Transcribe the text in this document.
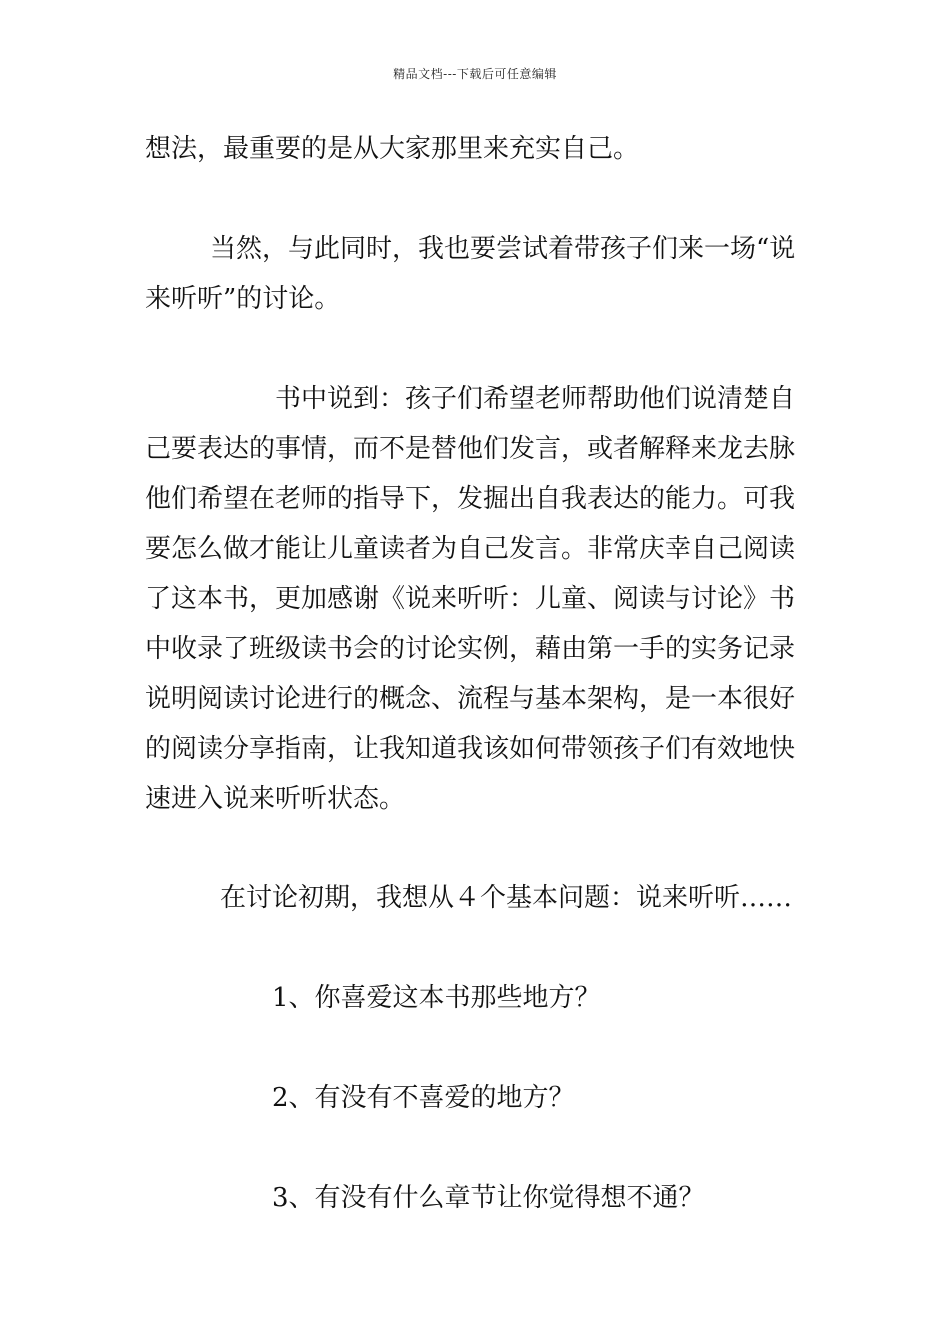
精品文档---下载后可任意编辑
想法，最重要的是从大家那里来充实自己。
当然，与此同时，我也要尝试着带孩子们来一场“说
来听听”的讨论。
书中说到：孩子们希望老师帮助他们说清楚自
己要表达的事情，而不是替他们发言，或者解释来龙去脉
他们希望在老师的指导下，发掘出自我表达的能力。可我
要怎么做才能让儿童读者为自己发言。非常庆幸自己阅读
了这本书，更加感谢《说来听听：儿童、阅读与讨论》书
中收录了班级读书会的讨论实例，藉由第一手的实务记录
说明阅读讨论进行的概念、流程与基本架构，是一本很好
的阅读分享指南，让我知道我该如何带领孩子们有效地快
速进入说来听听状态。
在讨论初期，我想从４个基本问题：说来听听……
1、你喜爱这本书那些地方？
2、有没有不喜爱的地方？
3、有没有什么章节让你觉得想不通？
